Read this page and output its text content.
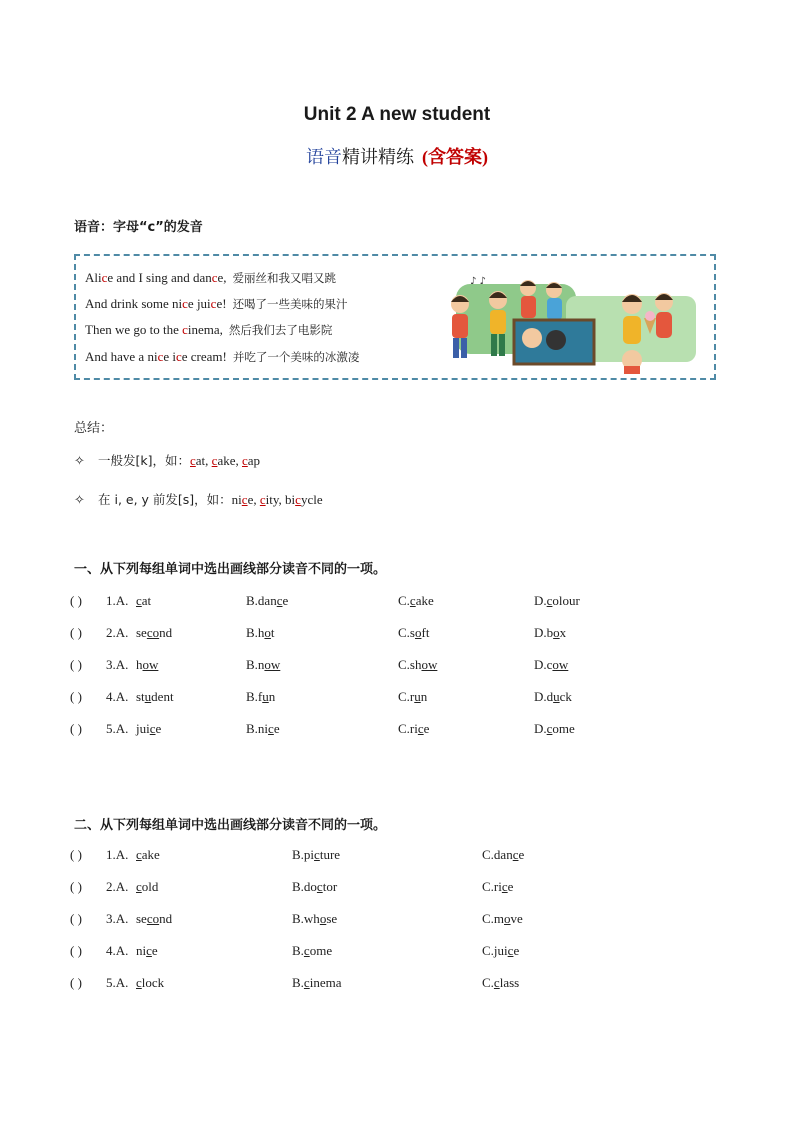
Unit 2 A new student
语音精讲精练 (含答案)
语音：字母“c”的发音
Alice and I sing and dance, 爱丽丝和我又唱又跳
And drink some nice juice! 还喝了一些美味的果汁
Then we go to the cinema, 然后我们去了电影院
And have a nice ice cream! 并吃了一个美味的冰激凌
♪ ♪
总结：
✧ 一般发[k]，如：cat, cake, cap
✧ 在 i, e, y 前发[s]，如：nice, city, bicycle
一、从下列每组单词中选出画线部分读音不同的一项。
( ) 1.A. cat	B.dance	C.cake	D.colour
( ) 2.A. second	B.hot	C.soft	D.box
( ) 3.A. how	B.now	C.show	D.cow
( ) 4.A. student	B.fun	C.run	D.duck
( ) 5.A. juice	B.nice	C.rice	D.come
二、从下列每组单词中选出画线部分读音不同的一项。
( ) 1.A. cake	B.picture	C.dance
( ) 2.A. cold	B.doctor	C.rice
( ) 3.A. second	B.whose	C.move
( ) 4.A. nice	B.come	C.juice
( ) 5.A. clock	B.cinema	C.class
